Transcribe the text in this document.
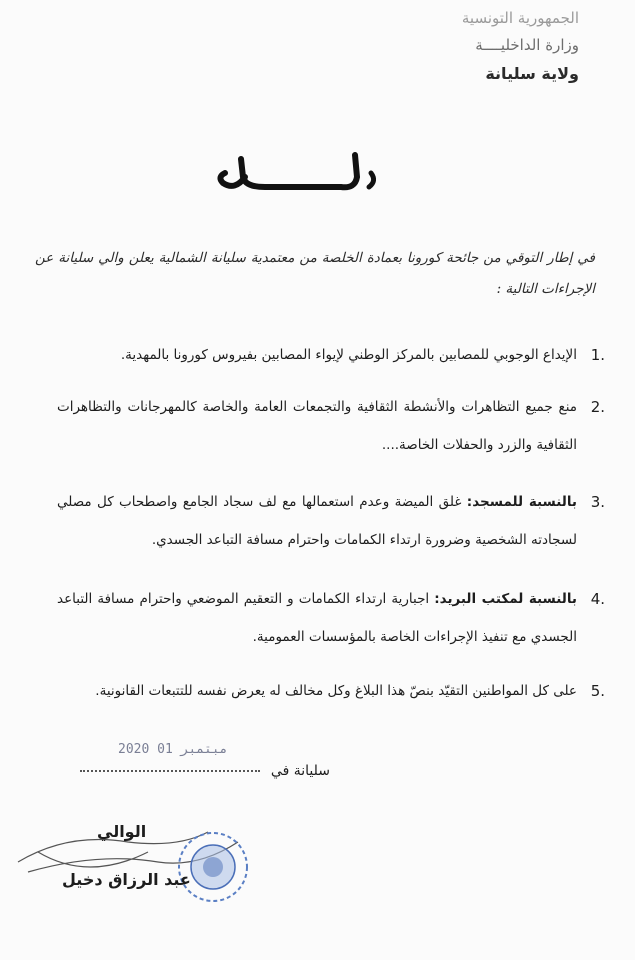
الجمهورية التونسية
وزارة الداخليــــة
ولاية سليانة
في إطار التوقي من جائحة كورونا بعمادة الخلصة من معتمدية سليانة الشمالية يعلن والي سليانة عن الإجراءات التالية :
1.
الإيداع الوجوبي للمصابين بالمركز الوطني لإيواء المصابين بفيروس كورونا بالمهدية.
2.
منع جميع التظاهرات والأنشطة الثقافية والتجمعات العامة والخاصة كالمهرجانات والتظاهرات الثقافية والزرد والحفلات الخاصة....
3.
بالنسبة للمسجد: غلق الميضة وعدم استعمالها مع لف سجاد الجامع واصطحاب كل مصلي لسجادته الشخصية وضرورة ارتداء الكمامات واحترام مسافة التباعد الجسدي.
4.
بالنسبة لمكتب البريد: اجبارية ارتداء الكمامات و التعقيم الموضعي واحترام مسافة التباعد الجسدي مع تنفيذ الإجراءات الخاصة بالمؤسسات العمومية.
5.
على كل المواطنين التقيّد بنصّ هذا البلاغ وكل مخالف له يعرض نفسه للتتبعات القانونية.
2020 ﻣﺒﺘﻤﺒﺮ 01
سليانة في
الوالي
عبد الرزاق دخيل
